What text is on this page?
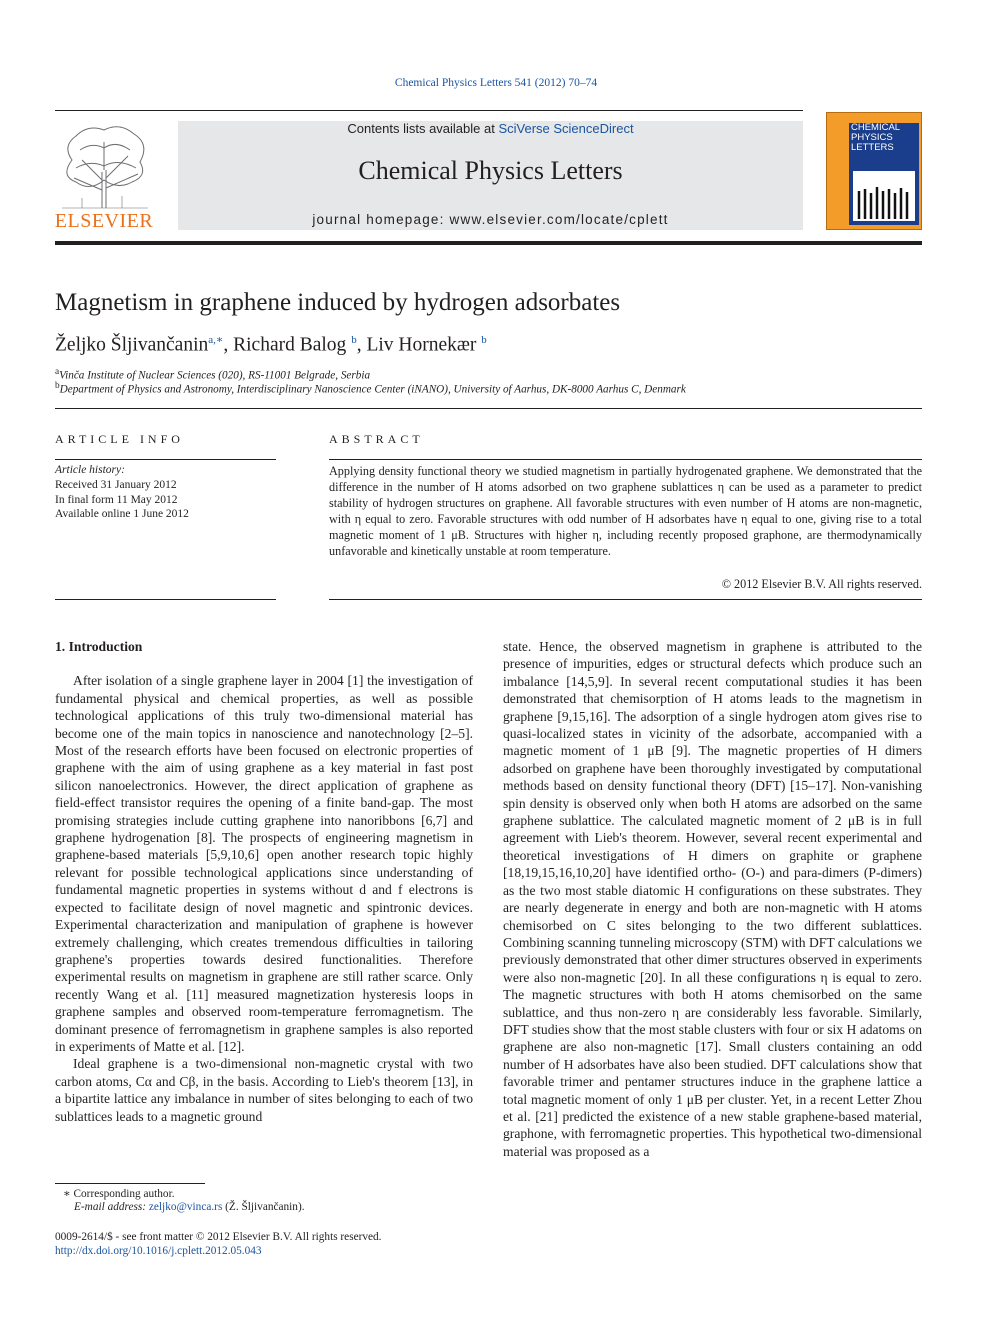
Chemical Physics Letters 541 (2012) 70–74
ELSEVIER
Contents lists available at SciVerse ScienceDirect
Chemical Physics Letters
journal homepage: www.elsevier.com/locate/cplett
CHEMICAL PHYSICS LETTERS
Magnetism in graphene induced by hydrogen adsorbates
Željko Šljivančanin$^{a,∗}$, Richard Balog $^b$, Liv Hornekær $^b$
$^a$Vinča Institute of Nuclear Sciences (020), RS-11001 Belgrade, Serbia
$^b$Department of Physics and Astronomy, Interdisciplinary Nanoscience Center (iNANO), University of Aarhus, DK-8000 Aarhus C, Denmark
ARTICLE INFO
Article history:
Received 31 January 2012
In final form 11 May 2012
Available online 1 June 2012
ABSTRACT
Applying density functional theory we studied magnetism in partially hydrogenated graphene. We demonstrated that the difference in the number of H atoms adsorbed on two graphene sublattices η can be used as a parameter to predict stability of hydrogen structures on graphene. All favorable structures with even number of H atoms are non-magnetic, with η equal to zero. Favorable structures with odd number of H adsorbates have η equal to one, giving rise to a total magnetic moment of 1 μB. Structures with higher η, including recently proposed graphone, are thermodynamically unfavorable and kinetically unstable at room temperature.
© 2012 Elsevier B.V. All rights reserved.

1. Introduction

After isolation of a single graphene layer in 2004 [1] the investigation of fundamental physical and chemical properties, as well as possible technological applications of this truly two-dimensional material has become one of the main topics in nanoscience and nanotechnology [2–5]. Most of the research efforts have been focused on electronic properties of graphene with the aim of using graphene as a key material in fast post silicon nanoelectronics. However, the direct application of graphene as field-effect transistor requires the opening of a finite band-gap. The most promising strategies include cutting graphene into nanoribbons [6,7] and graphene hydrogenation [8]. The prospects of engineering magnetism in graphene-based materials [5,9,10,6] open another research topic highly relevant for possible technological applications since understanding of fundamental magnetic properties in systems without d and f electrons is expected to facilitate design of novel magnetic and spintronic devices. Experimental characterization and manipulation of graphene is however extremely challenging, which creates tremendous difficulties in tailoring graphene's properties towards desired functionalities. Therefore experimental results on magnetism in graphene are still rather scarce. Only recently Wang et al. [11] measured magnetization hysteresis loops in graphene samples and observed room-temperature ferromagnetism. The dominant presence of ferromagnetism in graphene samples is also reported in experiments of Matte et al. [12].

Ideal graphene is a two-dimensional non-magnetic crystal with two carbon atoms, Cα and Cβ, in the basis. According to Lieb's theorem [13], in a bipartite lattice any imbalance in number of sites belonging to each of two sublattices leads to a magnetic ground

state. Hence, the observed magnetism in graphene is attributed to the presence of impurities, edges or structural defects which produce such an imbalance [14,5,9]. In several recent computational studies it has been demonstrated that chemisorption of H atoms leads to the magnetism in graphene [9,15,16]. The adsorption of a single hydrogen atom gives rise to quasi-localized states in vicinity of the adsorbate, accompanied with a magnetic moment of 1 μB [9]. The magnetic properties of H dimers adsorbed on graphene have been thoroughly investigated by computational methods based on density functional theory (DFT) [15–17]. Non-vanishing spin density is observed only when both H atoms are adsorbed on the same graphene sublattice. The calculated magnetic moment of 2 μB is in full agreement with Lieb's theorem. However, several recent experimental and theoretical investigations of H dimers on graphite or graphene [18,19,15,16,10,20] have identified ortho- (O-) and para-dimers (P-dimers) as the two most stable diatomic H configurations on these substrates. They are nearly degenerate in energy and both are non-magnetic with H atoms chemisorbed on C sites belonging to the two different sublattices. Combining scanning tunneling microscopy (STM) with DFT calculations we previously demonstrated that other dimer structures observed in experiments were also non-magnetic [20]. In all these configurations η is equal to zero. The magnetic structures with both H atoms chemisorbed on the same sublattice, and thus non-zero η are considerably less favorable. Similarly, DFT studies show that the most stable clusters with four or six H adatoms on graphene are also non-magnetic [17]. Small clusters containing an odd number of H adsorbates have also been studied. DFT calculations show that favorable trimer and pentamer structures induce in the graphene lattice a total magnetic moment of only 1 μB per cluster. Yet, in a recent Letter Zhou et al. [21] predicted the existence of a new stable graphene-based material, graphone, with ferromagnetic properties. This hypothetical two-dimensional material was proposed as a

∗ Corresponding author.
E-mail address: zeljko@vinca.rs (Ž. Šljivančanin).
0009-2614/$ - see front matter © 2012 Elsevier B.V. All rights reserved.
http://dx.doi.org/10.1016/j.cplett.2012.05.043
